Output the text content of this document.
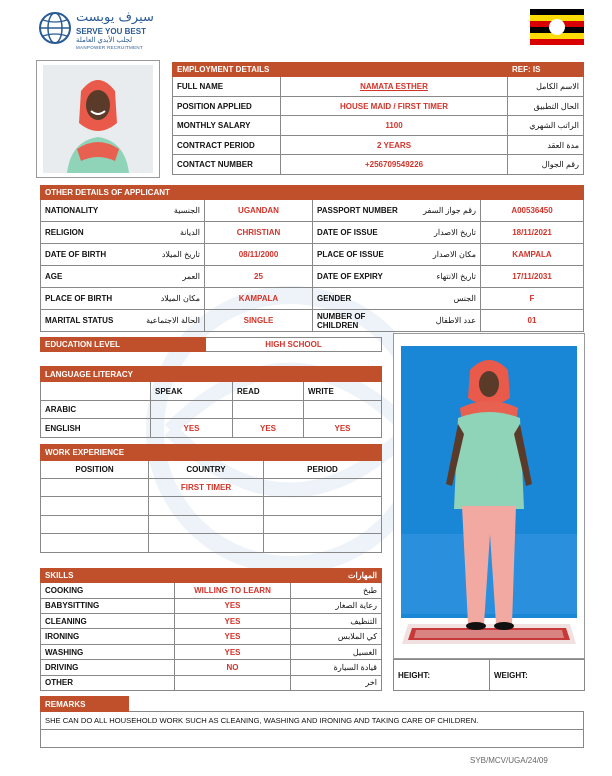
سيرف يوبست
SERVE YOU BEST
لجلب الأيدي العاملة
MANPOWER RECRUITMENT
EMPLOYMENT DETAILS		REF: IS
FULL NAME	NAMATA ESTHER	الاسم الكامل
POSITION APPLIED	HOUSE MAID / FIRST TIMER	الحال التطبيق
MONTHLY SALARY	1100	الراتب الشهري
CONTRACT PERIOD	2 YEARS	مدة العقد
CONTACT NUMBER	+256709549226	رقم الجوال
OTHER DETAILS OF APPLICANT					
NATIONALITY	الجنسية	UGANDAN	PASSPORT NUMBER	رقم جواز السفر	A00536450
RELIGION	الديانة	CHRISTIAN	DATE OF ISSUE	تاريخ الاصدار	18/11/2021
DATE OF BIRTH	تاريخ الميلاد	08/11/2000	PLACE OF ISSUE	مكان الاصدار	KAMPALA
AGE	العمر	25	DATE OF EXPIRY	تاريخ الانتهاء	17/11/2031
PLACE OF BIRTH	مكان الميلاد	KAMPALA	GENDER	الجنس	F
MARITAL STATUS	الحالة الاجتماعية	SINGLE	NUMBER OF CHILDREN	عدد الاطفال	01
EDUCATION LEVEL	HIGH SCHOOL
LANGUAGE LITERACY			
	SPEAK	READ	WRITE
ARABIC			
ENGLISH	YES	YES	YES
WORK EXPERIENCE		
POSITION	COUNTRY	PERIOD
	FIRST TIMER	

SKILLS		المهارات
COOKING	WILLING TO LEARN	طبخ
BABYSITTING	YES	رعاية الصغار
CLEANING	YES	التنظيف
IRONING	YES	كي الملابس
WASHING	YES	الغسيل
DRIVING	NO	قيادة السيارة
OTHER		اخر
HEIGHT:	WEIGHT:
REMARKS	
SHE CAN DO ALL HOUSEHOLD WORK SUCH AS CLEANING, WASHING AND IRONING AND TAKING CARE OF CHILDREN.

SYB/MCV/UGA/24/09
